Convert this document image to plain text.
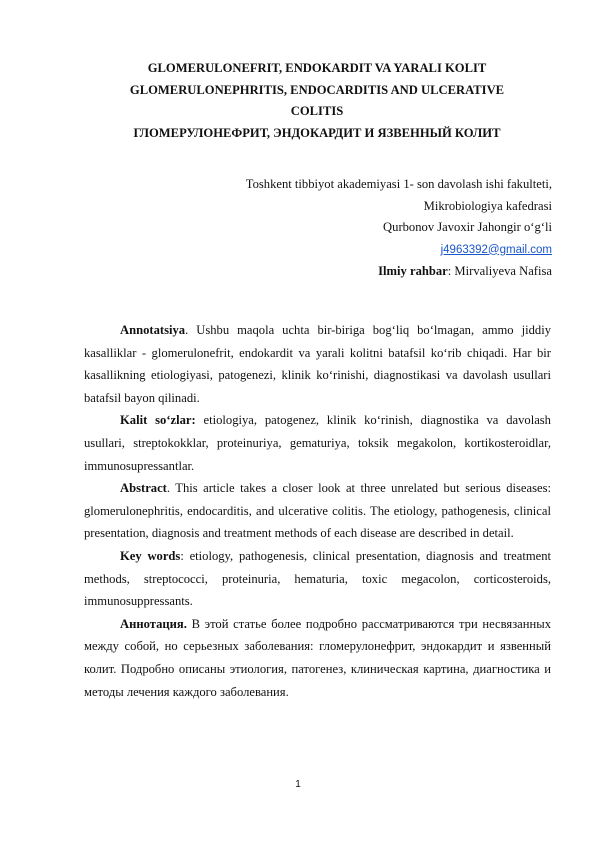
GLOMERULONEFRIT, ENDOKARDIT VA YARALI KOLIT
GLOMERULONEPHRITIS, ENDOCARDITIS AND ULCERATIVE
COLITIS
ГЛОМЕРУЛОНЕФРИТ, ЭНДОКАРДИТ И ЯЗВЕННЫЙ КОЛИТ
Toshkent tibbiyot akademiyasi 1- son davolash ishi fakulteti,
Mikrobiologiya kafedrasi
Qurbonov Javoxir Jahongir o‘g‘li
j4963392@gmail.com
Ilmiy rahbar: Mirvaliyeva Nafisa

Annotatsiya. Ushbu maqola uchta bir-biriga bog‘liq bo‘lmagan, ammo jiddiy kasalliklar - glomerulonefrit, endokardit va yarali kolitni batafsil ko‘rib chiqadi. Har bir kasallikning etiologiyasi, patogenezi, klinik ko‘rinishi, diagnostikasi va davolash usullari batafsil bayon qilinadi.

Kalit so‘zlar: etiologiya, patogenez, klinik ko‘rinish, diagnostika va davolash usullari, streptokokklar, proteinuriya, gematuriya, toksik megakolon, kortikosteroidlar, immunosupressantlar.

Abstract. This article takes a closer look at three unrelated but serious diseases: glomerulonephritis, endocarditis, and ulcerative colitis. The etiology, pathogenesis, clinical presentation, diagnosis and treatment methods of each disease are described in detail.

Key words: etiology, pathogenesis, clinical presentation, diagnosis and treatment methods, streptococci, proteinuria, hematuria, toxic megacolon, corticosteroids, immunosuppressants.

Аннотация. В этой статье более подробно рассматриваются три несвязанных между собой, но серьезных заболевания: гломерулонефрит, эндокардит и язвенный колит. Подробно описаны этиология, патогенез, клиническая картина, диагностика и методы лечения каждого заболевания.

1
